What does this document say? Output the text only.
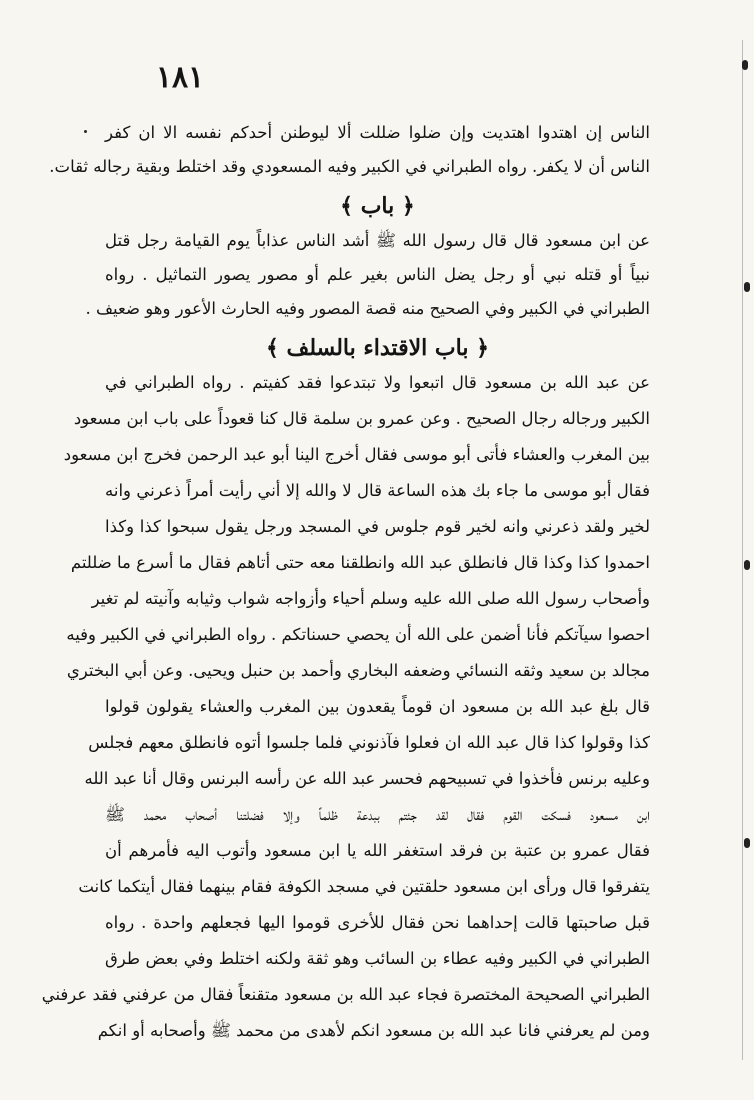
١٨١
الناس إن اهتدوا اهتديت وإن ضلوا ضللت ألا ليوطنن أحدكم نفسه الا ان كفر
الناس أن لا يكفر. رواه الطبراني في الكبير وفيه المسعودي وقد اختلط وبقية رجاله ثقات.
﴿ باب ﴾
عن ابن مسعود قال قال رسول الله ﷺ أشد الناس عذاباً يوم القيامة رجل قتل
نبياً أو قتله نبي أو رجل يضل الناس بغير علم أو مصور يصور التماثيل . رواه
الطبراني في الكبير وفي الصحيح منه قصة المصور وفيه الحارث الأعور وهو ضعيف .
﴿ باب الاقتداء بالسلف ﴾
عن عبد الله بن مسعود قال اتبعوا ولا تبتدعوا فقد كفيتم . رواه الطبراني في
الكبير ورجاله رجال الصحيح . وعن عمرو بن سلمة قال كنا قعوداً على باب ابن مسعود
بين المغرب والعشاء فأتى أبو موسى فقال أخرج الينا أبو عبد الرحمن فخرج ابن مسعود
فقال أبو موسى ما جاء بك هذه الساعة قال لا والله إلا أني رأيت أمراً ذعرني وانه
لخير ولقد ذعرني وانه لخير قوم جلوس في المسجد ورجل يقول سبحوا كذا وكذا
احمدوا كذا وكذا قال فانطلق عبد الله وانطلقنا معه حتى أتاهم فقال ما أسرع ما ضللتم
وأصحاب رسول الله صلى الله عليه وسلم أحياء وأزواجه شواب وثيابه وآنيته لم تغير
احصوا سيآتكم فأنا أضمن على الله أن يحصي حسناتكم . رواه الطبراني في الكبير وفيه
مجالد بن سعيد وثقه النسائي وضعفه البخاري وأحمد بن حنبل ويحيى. وعن أبي البختري
قال بلغ عبد الله بن مسعود ان قوماً يقعدون بين المغرب والعشاء يقولون قولوا
كذا وقولوا كذا قال عبد الله ان فعلوا فآذنوني فلما جلسوا أتوه فانطلق معهم فجلس
وعليه برنس فأخذوا في تسبيحهم فحسر عبد الله عن رأسه البرنس وقال أنا عبد الله
ابن مسعود فسكت القوم فقال لقد جئتم ببدعة ظلماً وإلا فضلتنا أصحاب محمد ﷺ
فقال عمرو بن عتبة بن فرقد استغفر الله يا ابن مسعود وأتوب اليه فأمرهم أن
يتفرقوا قال ورأى ابن مسعود حلقتين في مسجد الكوفة فقام بينهما فقال أيتكما كانت
قبل صاحبتها قالت إحداهما نحن فقال للأخرى قوموا اليها فجعلهم واحدة . رواه
الطبراني في الكبير وفيه عطاء بن السائب وهو ثقة ولكنه اختلط وفي بعض طرق
الطبراني الصحيحة المختصرة فجاء عبد الله بن مسعود متقنعاً فقال من عرفني فقد عرفني
ومن لم يعرفني فانا عبد الله بن مسعود انكم لأهدى من محمد ﷺ وأصحابه أو انكم
